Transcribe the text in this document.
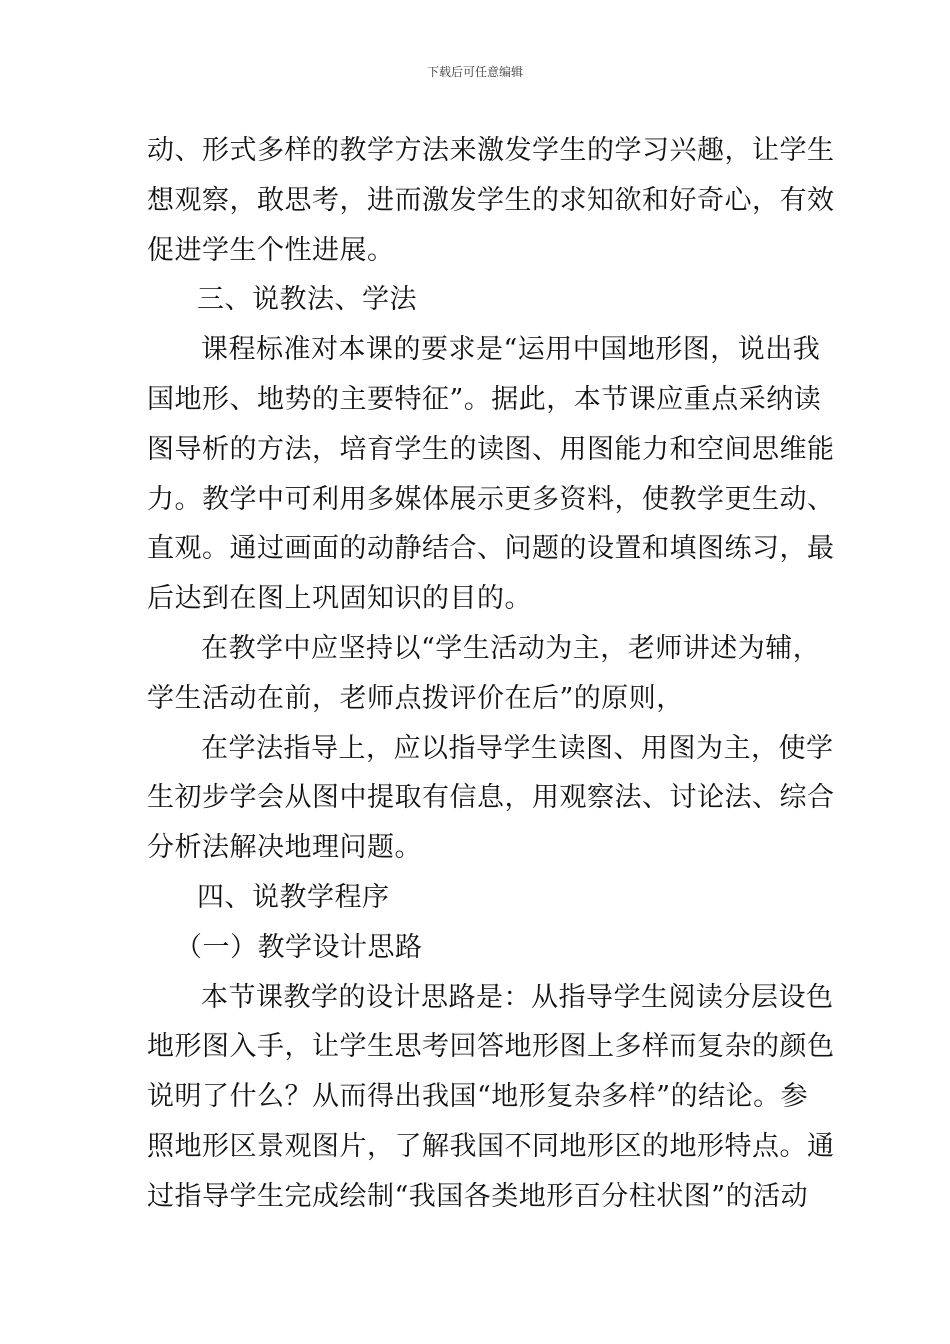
下载后可任意编辑
动、形式多样的教学方法来激发学生的学习兴趣，让学生
想观察，敢思考，进而激发学生的求知欲和好奇心，有效
促进学生个性进展。
三、说教法、学法
课程标准对本课的要求是“运用中国地形图，说出我
国地形、地势的主要特征”。据此，本节课应重点采纳读
图导析的方法，培育学生的读图、用图能力和空间思维能
力。教学中可利用多媒体展示更多资料，使教学更生动、
直观。通过画面的动静结合、问题的设置和填图练习，最
后达到在图上巩固知识的目的。
在教学中应坚持以“学生活动为主，老师讲述为辅，
学生活动在前，老师点拨评价在后”的原则，
在学法指导上，应以指导学生读图、用图为主，使学
生初步学会从图中提取有信息，用观察法、讨论法、综合
分析法解决地理问题。
四、说教学程序
（一）教学设计思路
本节课教学的设计思路是：从指导学生阅读分层设色
地形图入手，让学生思考回答地形图上多样而复杂的颜色
说明了什么？从而得出我国“地形复杂多样”的结论。参
照地形区景观图片，了解我国不同地形区的地形特点。通
过指导学生完成绘制“我国各类地形百分柱状图”的活动
